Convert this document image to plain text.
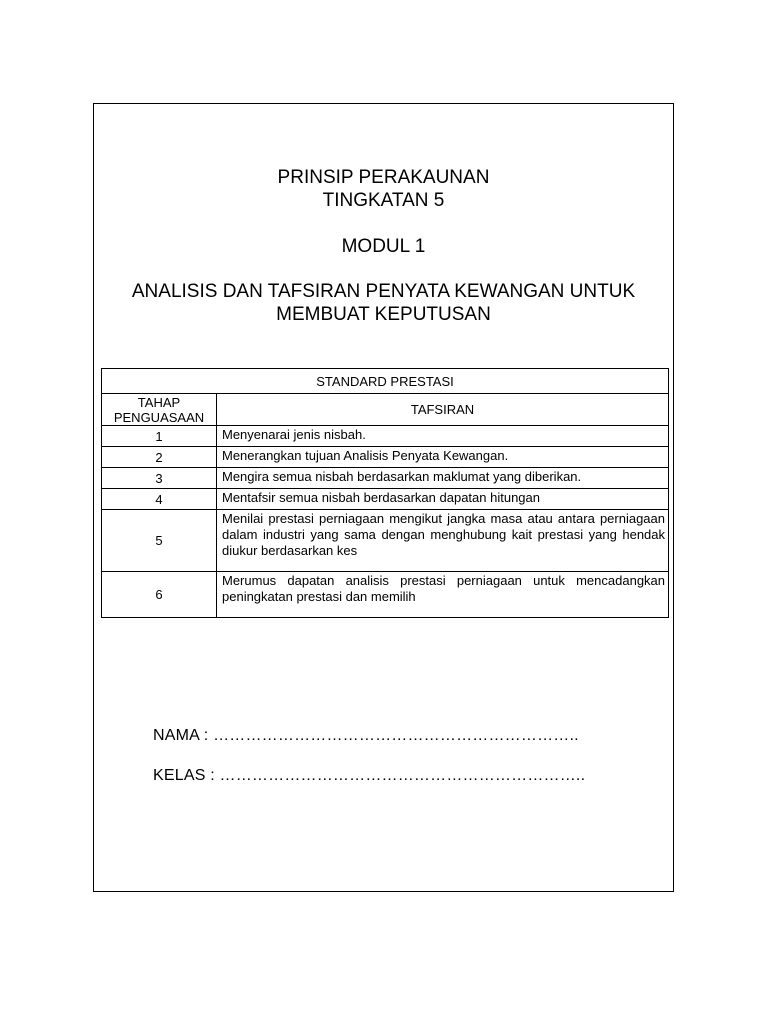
PRINSIP PERAKAUNAN
TINGKATAN 5
MODUL 1
ANALISIS DAN TAFSIRAN PENYATA KEWANGAN UNTUK
MEMBUAT KEPUTUSAN
STANDARD PRESTASI	

TAHAP
PENGUASAAN	TAFSIRAN
1	Menyenarai jenis nisbah.
2	Menerangkan tujuan Analisis Penyata Kewangan.
3	Mengira semua nisbah berdasarkan maklumat yang diberikan.
4	Mentafsir semua nisbah berdasarkan dapatan hitungan
5	Menilai prestasi perniagaan mengikut jangka masa atau antara perniagaan dalam industri yang sama dengan menghubung kait prestasi yang hendak diukur berdasarkan kes
6	Merumus dapatan analisis prestasi perniagaan untuk mencadangkan peningkatan prestasi dan memilih
NAMA : …………………………………………………………..
KELAS : …………………………………………………………..
